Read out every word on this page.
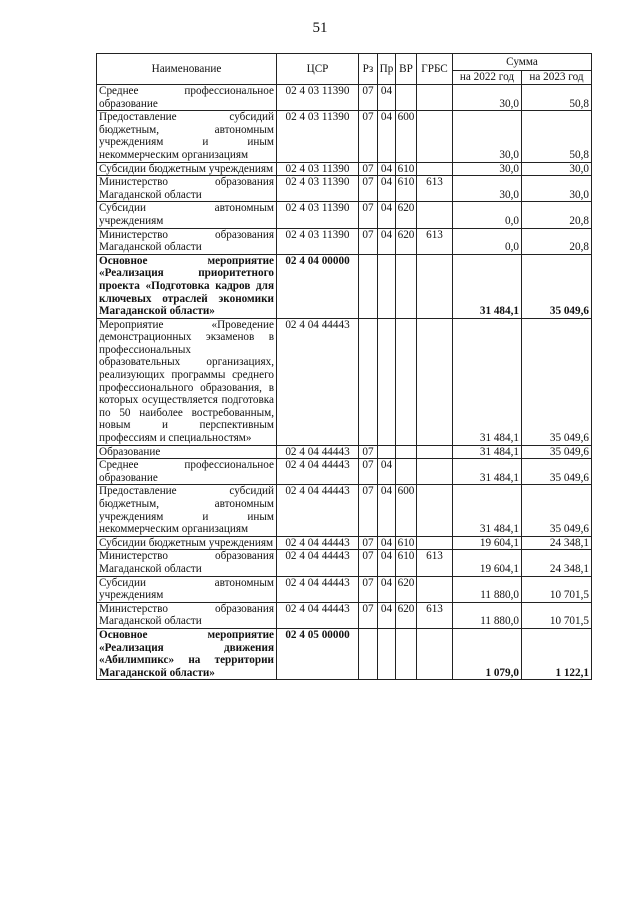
51
Наименование	ЦСР	Рз	Пр	ВР	ГРБС	Сумма	
						на 2022 год	на 2023 год
Среднее профессиональное образование	02 4 03 11390	07	04			30,0	50,8
Предоставление субсидий бюджетным, автономным учреждениям и иным некоммерческим организациям	02 4 03 11390	07	04	600		30,0	50,8
Субсидии бюджетным учреждениям	02 4 03 11390	07	04	610		30,0	30,0
Министерство образования Магаданской области	02 4 03 11390	07	04	610	613	30,0	30,0
Субсидии автономным учреждениям	02 4 03 11390	07	04	620		0,0	20,8
Министерство образования Магаданской области	02 4 03 11390	07	04	620	613	0,0	20,8
Основное мероприятие «Реализация приоритетного проекта «Подготовка кадров для ключевых отраслей экономики Магаданской области»	02 4 04 00000					31 484,1	35 049,6
Мероприятие «Проведение демонстрационных экзаменов в профессиональных образовательных организациях, реализующих программы среднего профессионального образования, в которых осуществляется подготовка по 50 наиболее востребованным, новым и перспективным профессиям и специальностям»	02 4 04 44443					31 484,1	35 049,6
Образование	02 4 04 44443	07				31 484,1	35 049,6
Среднее профессиональное образование	02 4 04 44443	07	04			31 484,1	35 049,6
Предоставление субсидий бюджетным, автономным учреждениям и иным некоммерческим организациям	02 4 04 44443	07	04	600		31 484,1	35 049,6
Субсидии бюджетным учреждениям	02 4 04 44443	07	04	610		19 604,1	24 348,1
Министерство образования Магаданской области	02 4 04 44443	07	04	610	613	19 604,1	24 348,1
Субсидии автономным учреждениям	02 4 04 44443	07	04	620		11 880,0	10 701,5
Министерство образования Магаданской области	02 4 04 44443	07	04	620	613	11 880,0	10 701,5
Основное мероприятие «Реализация движения «Абилимпикс» на территории Магаданской области»	02 4 05 00000					1 079,0	1 122,1
